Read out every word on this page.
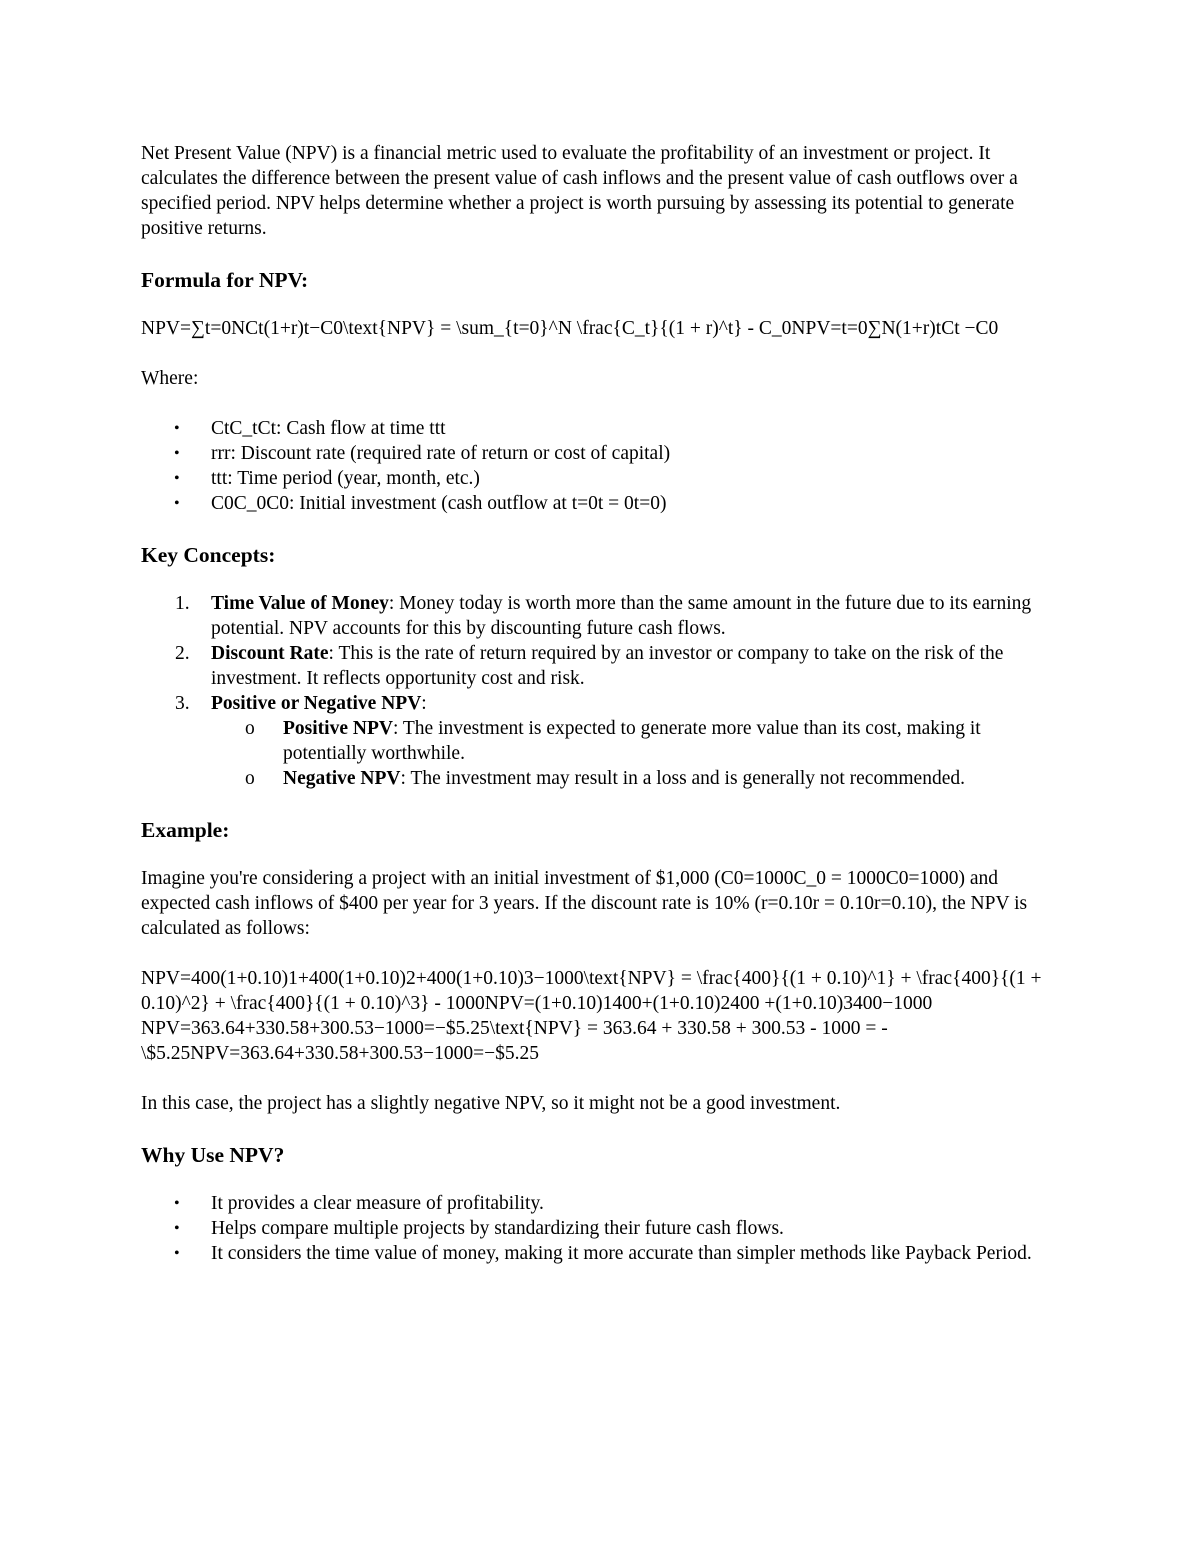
Net Present Value (NPV) is a financial metric used to evaluate the profitability of an investment or project. It calculates the difference between the present value of cash inflows and the present value of cash outflows over a specified period. NPV helps determine whether a project is worth pursuing by assessing its potential to generate positive returns.

Formula for NPV:

NPV=∑t=0NCt(1+r)t−C0\text{NPV} = \sum_{t=0}^N \frac{C_t}{(1 + r)^t} - C_0NPV=t=0∑N(1+r)tCt −C0

Where:

• CtC_tCt: Cash flow at time ttt
• rrr: Discount rate (required rate of return or cost of capital)
• ttt: Time period (year, month, etc.)
• C0C_0C0: Initial investment (cash outflow at t=0t = 0t=0)
Key Concepts:
1. Time Value of Money: Money today is worth more than the same amount in the future due to its earning potential. NPV accounts for this by discounting future cash flows.
2. Discount Rate: This is the rate of return required by an investor or company to take on the risk of the investment. It reflects opportunity cost and risk.
3. Positive or Negative NPV:
o Positive NPV: The investment is expected to generate more value than its cost, making it potentially worthwhile.
o Negative NPV: The investment may result in a loss and is generally not recommended.
Example:

Imagine you're considering a project with an initial investment of $1,000 (C0=1000C_0 = 1000C0=1000) and expected cash inflows of $400 per year for 3 years. If the discount rate is 10% (r=0.10r = 0.10r=0.10), the NPV is calculated as follows:

NPV=400(1+0.10)1+400(1+0.10)2+400(1+0.10)3−1000\text{NPV} = \frac{400}{(1 + 0.10)^1} + \frac{400}{(1 + 0.10)^2} + \frac{400}{(1 + 0.10)^3} - 1000NPV=(1+0.10)1400+(1+0.10)2400 +(1+0.10)3400−1000 NPV=363.64+330.58+300.53−1000=−$5.25\text{NPV} = 363.64 + 330.58 + 300.53 - 1000 = -\$5.25NPV=363.64+330.58+300.53−1000=−$5.25

In this case, the project has a slightly negative NPV, so it might not be a good investment.

Why Use NPV?
• It provides a clear measure of profitability.
• Helps compare multiple projects by standardizing their future cash flows.
• It considers the time value of money, making it more accurate than simpler methods like Payback Period.
